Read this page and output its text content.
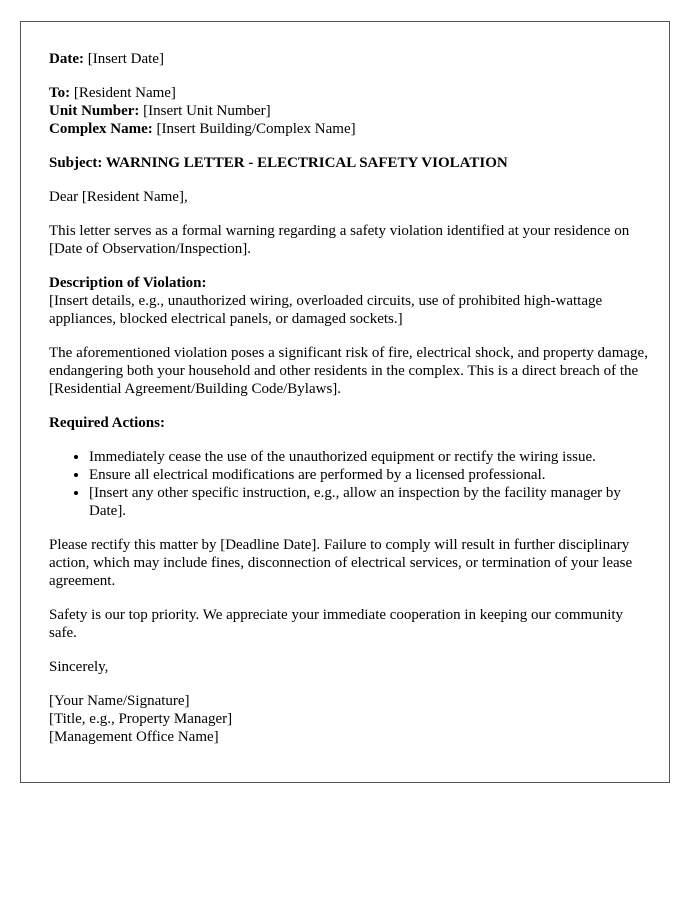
Date: [Insert Date]

To: [Resident Name]

Unit Number: [Insert Unit Number]

Complex Name: [Insert Building/Complex Name]

Subject: WARNING LETTER - ELECTRICAL SAFETY VIOLATION

Dear [Resident Name],

This letter serves as a formal warning regarding a safety violation identified at your residence on [Date of Observation/Inspection].

Description of Violation:

[Insert details, e.g., unauthorized wiring, overloaded circuits, use of prohibited high-wattage appliances, blocked electrical panels, or damaged sockets.]

The aforementioned violation poses a significant risk of fire, electrical shock, and property damage, endangering both your household and other residents in the complex. This is a direct breach of the [Residential Agreement/Building Code/Bylaws].

Required Actions:

• Immediately cease the use of the unauthorized equipment or rectify the wiring issue.
• Ensure all electrical modifications are performed by a licensed professional.
• [Insert any other specific instruction, e.g., allow an inspection by the facility manager by Date].

Please rectify this matter by [Deadline Date]. Failure to comply will result in further disciplinary action, which may include fines, disconnection of electrical services, or termination of your lease agreement.

Safety is our top priority. We appreciate your immediate cooperation in keeping our community safe.

Sincerely,

[Your Name/Signature]

[Title, e.g., Property Manager]

[Management Office Name]
